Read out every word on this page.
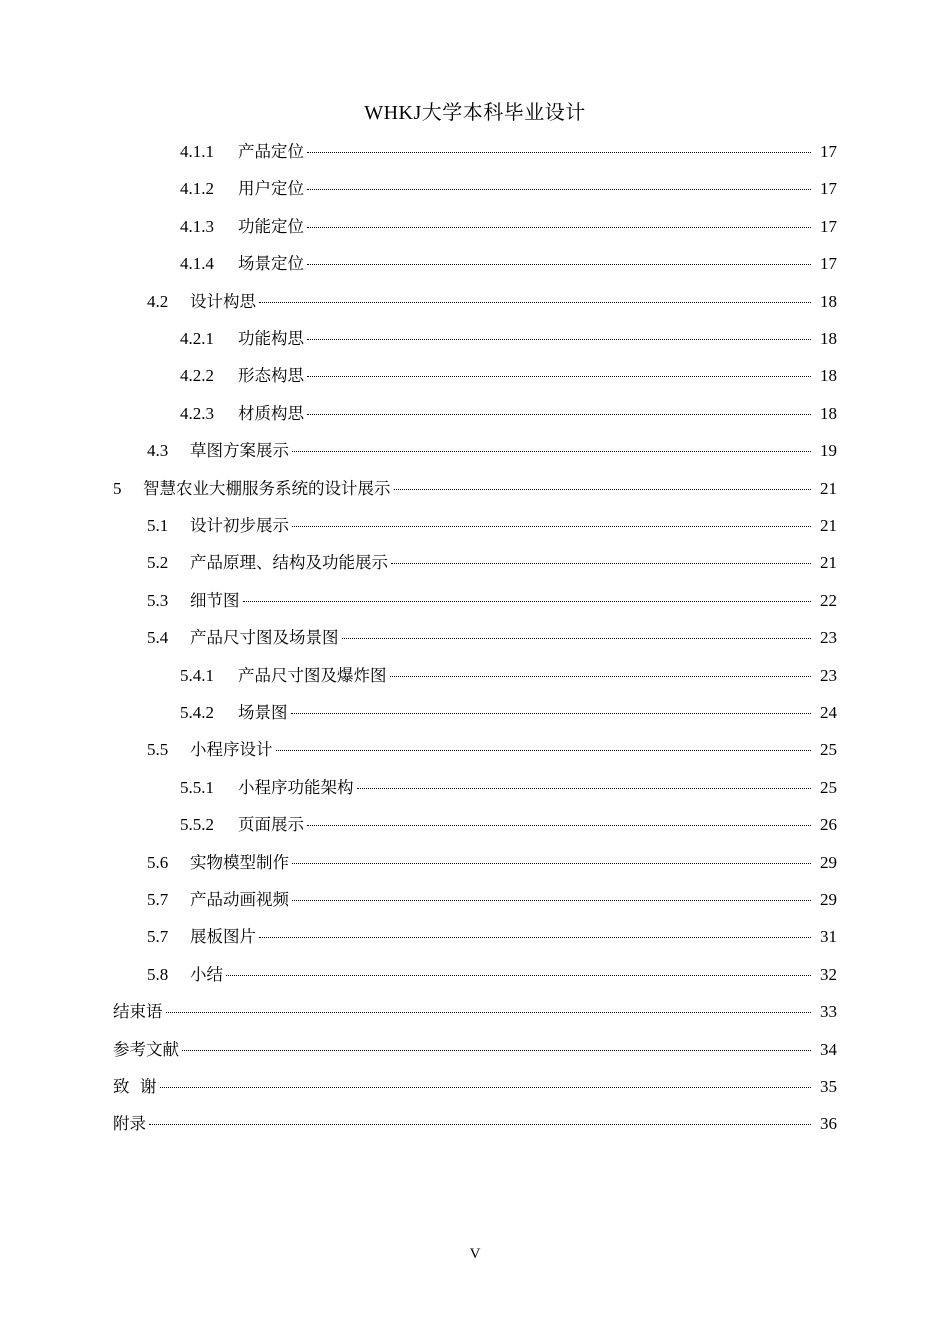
WHKJ大学本科毕业设计
4.1.1	产品定位	17
4.1.2	用户定位	17
4.1.3	功能定位	17
4.1.4	场景定位	17
4.2	设计构思	18
4.2.1	功能构思	18
4.2.2	形态构思	18
4.2.3	材质构思	18
4.3	草图方案展示	19
5	智慧农业大棚服务系统的设计展示	21
5.1	设计初步展示	21
5.2	产品原理、结构及功能展示	21
5.3	细节图	22
5.4	产品尺寸图及场景图	23
5.4.1	产品尺寸图及爆炸图	23
5.4.2	场景图	24
5.5	小程序设计	25
5.5.1	小程序功能架构	25
5.5.2	页面展示	26
5.6	实物模型制作	29
5.7	产品动画视频	29
5.7	展板图片	31
5.8	小结	32
结束语	33
参考文献	34
致  谢	35
附录	36
V
